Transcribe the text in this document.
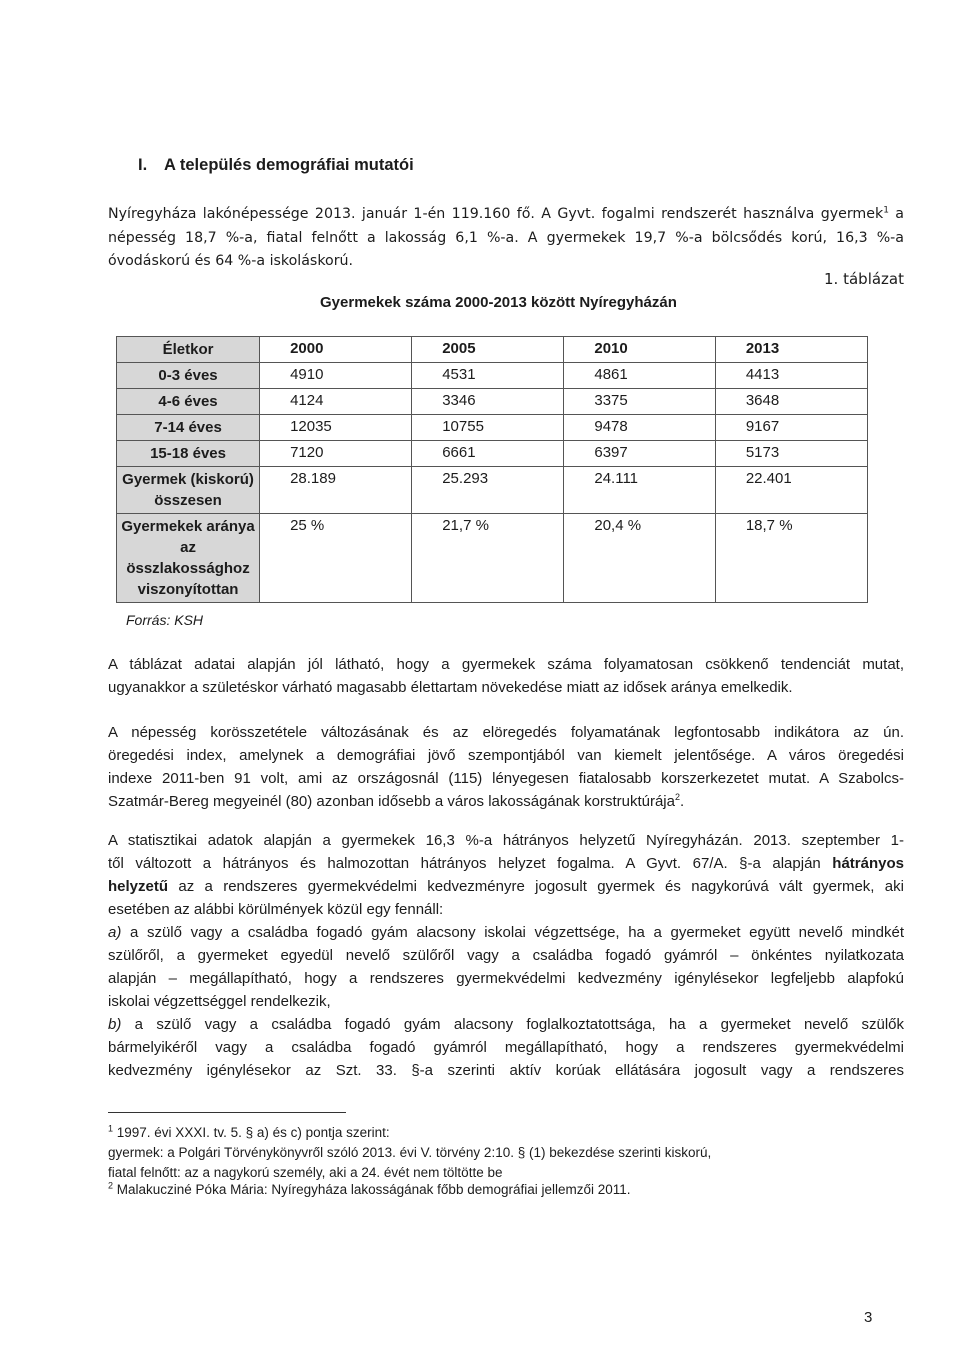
I. A település demográfiai mutatói
Nyíregyháza lakónépessége 2013. január 1-én 119.160 fő. A Gyvt. fogalmi rendszerét használva gyermek$^1$ a
népesség 18,7 %-a, fiatal felnőtt a lakosság 6,1 %-a. A gyermekek 19,7 %-a bölcsődés korú, 16,3 %-a
óvodáskorú és 64 %-a iskoláskorú.
1. táblázat
Gyermekek száma 2000-2013 között Nyíregyházán
Életkor	2000	2005	2010	2013
0-3 éves	4910	4531	4861	4413
4-6 éves	4124	3346	3375	3648
7-14 éves	12035	10755	9478	9167
15-18 éves	7120	6661	6397	5173
Gyermek (kiskorú) összesen	28.189	25.293	24.111	22.401
Gyermekek aránya az összlakossághoz viszonyítottan	25 %	21,7 %	20,4 %	18,7 %
Forrás: KSH
A táblázat adatai alapján jól látható, hogy a gyermekek száma folyamatosan csökkenő tendenciát mutat,
ugyanakkor a születéskor várható magasabb élettartam növekedése miatt az idősek aránya emelkedik.
A népesség korösszetétele változásának és az elöregedés folyamatának legfontosabb indikátora az ún.
öregedési index, amelynek a demográfiai jövő szempontjából van kiemelt jelentősége. A város öregedési
indexe 2011-ben 91 volt, ami az országosnál (115) lényegesen fiatalosabb korszerkezetet mutat. A Szabolcs-
Szatmár-Bereg megyeinél (80) azonban idősebb a város lakosságának korstruktúrája$^2$.
A statisztikai adatok alapján a gyermekek 16,3 %-a hátrányos helyzetű Nyíregyházán. 2013. szeptember 1-
től változott a hátrányos és halmozottan hátrányos helyzet fogalma. A Gyvt. 67/A. §-a alapján hátrányos
helyzetű az a rendszeres gyermekvédelmi kedvezményre jogosult gyermek és nagykorúvá vált gyermek, aki
esetében az alábbi körülmények közül egy fennáll:
a) a szülő vagy a családba fogadó gyám alacsony iskolai végzettsége, ha a gyermeket együtt nevelő mindkét
szülőről, a gyermeket egyedül nevelő szülőről vagy a családba fogadó gyámról – önkéntes nyilatkozata
alapján – megállapítható, hogy a rendszeres gyermekvédelmi kedvezmény igénylésekor legfeljebb alapfokú
iskolai végzettséggel rendelkezik,
b) a szülő vagy a családba fogadó gyám alacsony foglalkoztatottsága, ha a gyermeket nevelő szülők
bármelyikéről vagy a családba fogadó gyámról megállapítható, hogy a rendszeres gyermekvédelmi
kedvezmény igénylésekor az Szt. 33. §-a szerinti aktív korúak ellátására jogosult vagy a rendszeres
$^1$ 1997. évi XXXI. tv. 5. § a) és c) pontja szerint:
gyermek: a Polgári Törvénykönyvről szóló 2013. évi V. törvény 2:10. § (1) bekezdése szerinti kiskorú,
fiatal felnőtt: az a nagykorú személy, aki a 24. évét nem töltötte be
$^2$ Malakucziné Póka Mária: Nyíregyháza lakosságának főbb demográfiai jellemzői 2011.
3
